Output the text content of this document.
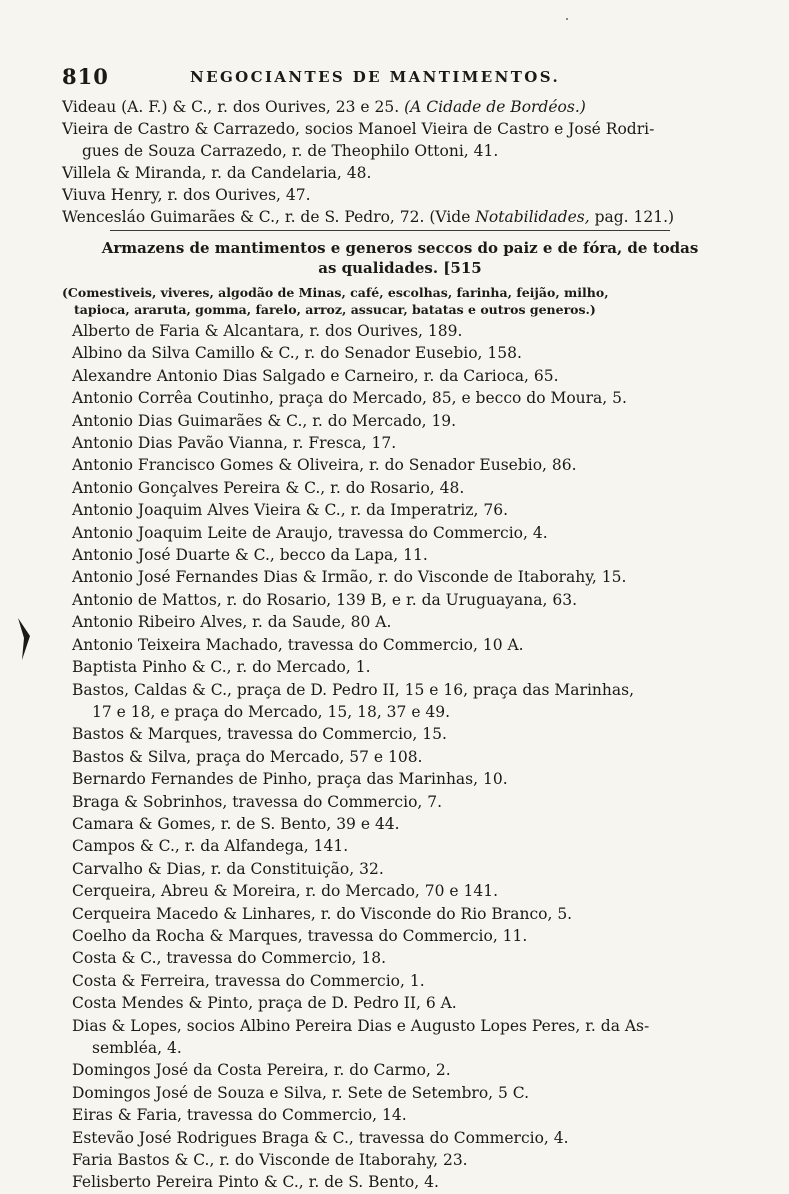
810	NEGOCIANTES DE MANTIMENTOS.
Videau (A. F.) & C., r. dos Ourives, 23 e 25. (A Cidade de Bordéos.)
Vieira de Castro & Carrazedo, socios Manoel Vieira de Castro e José Rodri-
gues de Souza Carrazedo, r. de Theophilo Ottoni, 41.
Villela & Miranda, r. da Candelaria, 48.
Viuva Henry, r. dos Ourives, 47.
Wencesláo Guimarães & C., r. de S. Pedro, 72. (Vide Notabilidades, pag. 121.)
Armazens de mantimentos e generos seccos do paiz e de fóra, de todas
as qualidades. [515
(Comestiveis, viveres, algodão de Minas, café, escolhas, farinha, feijão, milho,
tapioca, araruta, gomma, farelo, arroz, assucar, batatas e outros generos.)
Alberto de Faria & Alcantara, r. dos Ourives, 189.
Albino da Silva Camillo & C., r. do Senador Eusebio, 158.
Alexandre Antonio Dias Salgado e Carneiro, r. da Carioca, 65.
Antonio Corrêa Coutinho, praça do Mercado, 85, e becco do Moura, 5.
Antonio Dias Guimarães & C., r. do Mercado, 19.
Antonio Dias Pavão Vianna, r. Fresca, 17.
Antonio Francisco Gomes & Oliveira, r. do Senador Eusebio, 86.
Antonio Gonçalves Pereira & C., r. do Rosario, 48.
Antonio Joaquim Alves Vieira & C., r. da Imperatriz, 76.
Antonio Joaquim Leite de Araujo, travessa do Commercio, 4.
Antonio José Duarte & C., becco da Lapa, 11.
Antonio José Fernandes Dias & Irmão, r. do Visconde de Itaborahy, 15.
Antonio de Mattos, r. do Rosario, 139 B, e r. da Uruguayana, 63.
Antonio Ribeiro Alves, r. da Saude, 80 A.
Antonio Teixeira Machado, travessa do Commercio, 10 A.
Baptista Pinho & C., r. do Mercado, 1.
Bastos, Caldas & C., praça de D. Pedro II, 15 e 16, praça das Marinhas,
17 e 18, e praça do Mercado, 15, 18, 37 e 49.
Bastos & Marques, travessa do Commercio, 15.
Bastos & Silva, praça do Mercado, 57 e 108.
Bernardo Fernandes de Pinho, praça das Marinhas, 10.
Braga & Sobrinhos, travessa do Commercio, 7.
Camara & Gomes, r. de S. Bento, 39 e 44.
Campos & C., r. da Alfandega, 141.
Carvalho & Dias, r. da Constituição, 32.
Cerqueira, Abreu & Moreira, r. do Mercado, 70 e 141.
Cerqueira Macedo & Linhares, r. do Visconde do Rio Branco, 5.
Coelho da Rocha & Marques, travessa do Commercio, 11.
Costa & C., travessa do Commercio, 18.
Costa & Ferreira, travessa do Commercio, 1.
Costa Mendes & Pinto, praça de D. Pedro II, 6 A.
Dias & Lopes, socios Albino Pereira Dias e Augusto Lopes Peres, r. da As-
sembléa, 4.
Domingos José da Costa Pereira, r. do Carmo, 2.
Domingos José de Souza e Silva, r. Sete de Setembro, 5 C.
Eiras & Faria, travessa do Commercio, 14.
Estevão José Rodrigues Braga & C., travessa do Commercio, 4.
Faria Bastos & C., r. do Visconde de Itaborahy, 23.
Felisberto Pereira Pinto & C., r. de S. Bento, 4.
